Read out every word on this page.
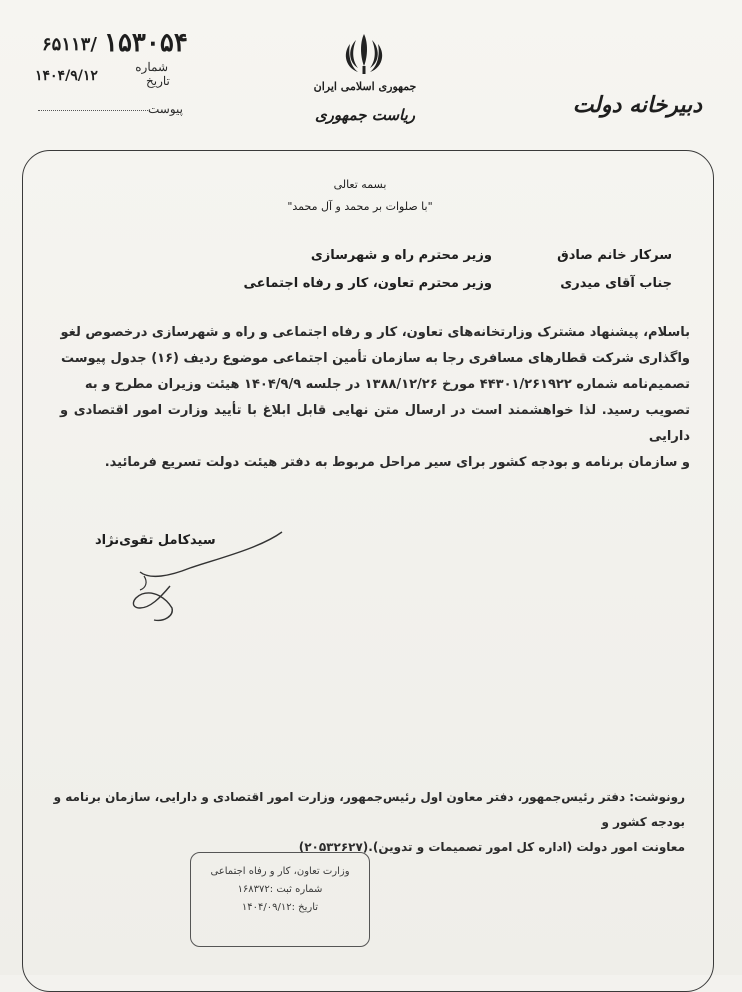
۶۵۱۱۳/ ۱۵۳۰۵۴
شماره
۱۴۰۴/۹/۱۲	تاریخ
پیوست
جمهوری اسلامی ایران
ریاست جمهوری	دبیرخانه دولت
بسمه تعالی
"با صلوات بر محمد و آل محمد"
سرکار خانم صادق
جناب آقای میدری
وزیر محترم راه و شهرسازی
وزیر محترم تعاون، کار و رفاه اجتماعی
باسلام، پیشنهاد مشترک وزارتخانه‌های تعاون، کار و رفاه اجتماعی و راه و شهرسازی درخصوص لغو
واگذاری شرکت قطارهای مسافری رجا به سازمان تأمین اجتماعی موضوع ردیف (۱۶) جدول پیوست
تصمیم‌نامه شماره ۴۴۳۰۱/۲۶۱۹۲۲ مورخ ۱۳۸۸/۱۲/۲۶ در جلسه ۱۴۰۴/۹/۹ هیئت وزیران مطرح و به
تصویب رسید. لذا خواهشمند است در ارسال متن نهایی قابل ابلاغ با تأیید وزارت امور اقتصادی و دارایی
و سازمان برنامه و بودجه کشور برای سیر مراحل مربوط به دفتر هیئت دولت تسریع فرمائید.
سیدکامل تقوی‌نژاد
رونوشت: دفتر رئیس‌جمهور، دفتر معاون اول رئیس‌جمهور، وزارت امور اقتصادی و دارایی، سازمان برنامه و بودجه کشور و
معاونت امور دولت (اداره کل امور تصمیمات و تدوین).(۲۰۵۳۲۶۲۷)
وزارت تعاون، کار و رفاه اجتماعی
شماره ثبت :۱۶۸۳۷۲
تاریخ :۱۴۰۴/۰۹/۱۲
